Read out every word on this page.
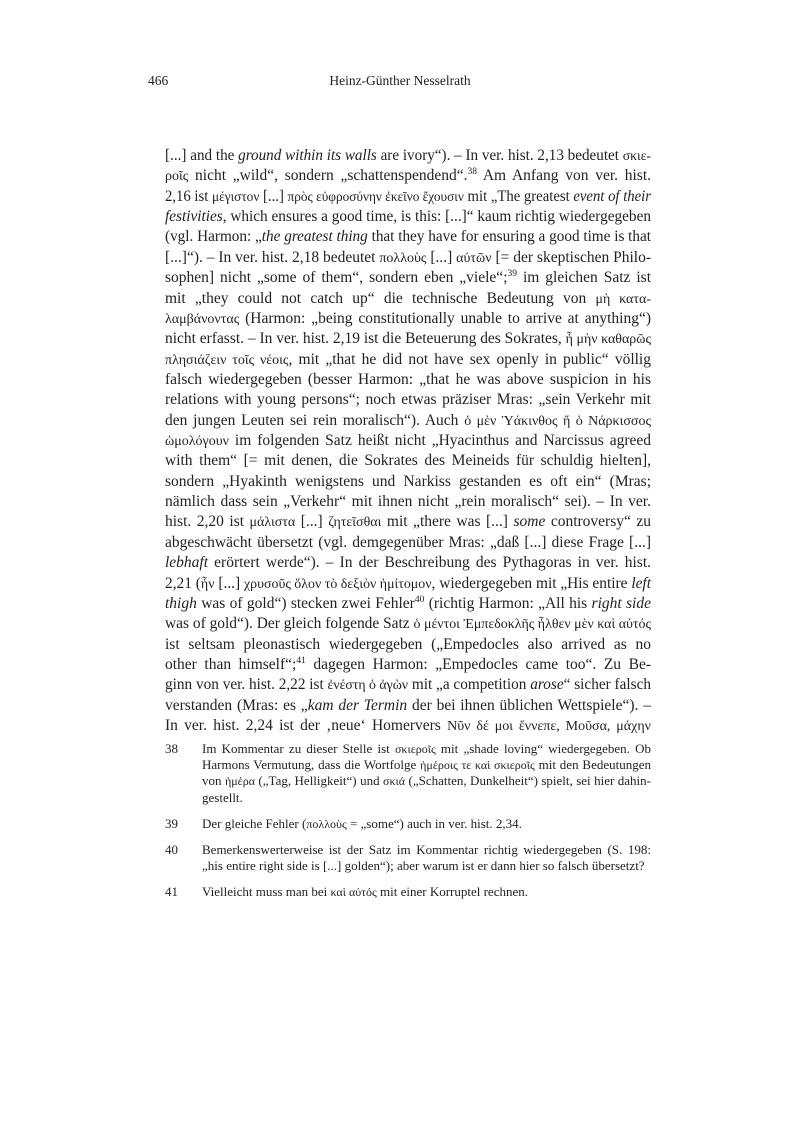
466	Heinz-Günther Nesselrath
[...] and the ground within its walls are ivory“). – In ver. hist. 2,13 bedeutet σκιε-
ροῖς nicht „wild“, sondern „schattenspendend“.$^{38}$ Am Anfang von ver. hist.
2,16 ist μέγιστον [...] πρὸς εὐφροσύνην ἐκεῖνο ἔχουσιν mit „The greatest event of their
festivities, which ensures a good time, is this: [...]“ kaum richtig wiedergegeben
(vgl. Harmon: „the greatest thing that they have for ensuring a good time is that
[...]“). – In ver. hist. 2,18 bedeutet πολλοὺς [...] αὐτῶν [= der skeptischen Philo-
sophen] nicht „some of them“, sondern eben „viele“;$^{39}$ im gleichen Satz ist
mit „they could not catch up“ die technische Bedeutung von μὴ κατα-
λαμβάνοντας (Harmon: „being constitutionally unable to arrive at anything“)
nicht erfasst. – In ver. hist. 2,19 ist die Beteuerung des Sokrates, ἦ μὴν καθαρῶς
πλησιάζειν τοῖς νέοις, mit „that he did not have sex openly in public“ völlig
falsch wiedergegeben (besser Harmon: „that he was above suspicion in his
relations with young persons“; noch etwas präziser Mras: „sein Verkehr mit
den jungen Leuten sei rein moralisch“). Auch ὁ μὲν Ὑάκινθος ἤ ὁ Νάρκισσος
ὡμολόγουν im folgenden Satz heißt nicht „Hyacinthus and Narcissus agreed
with them“ [= mit denen, die Sokrates des Meineids für schuldig hielten],
sondern „Hyakinth wenigstens und Narkiss gestanden es oft ein“ (Mras;
nämlich dass sein „Verkehr“ mit ihnen nicht „rein moralisch“ sei). – In ver.
hist. 2,20 ist μάλιστα [...] ζητεῖσθαι mit „there was [...] some controversy“ zu
abgeschwächt übersetzt (vgl. demgegenüber Mras: „daß [...] diese Frage [...]
lebhaft erörtert werde“). – In der Beschreibung des Pythagoras in ver. hist.
2,21 (ἦν [...] χρυσοῦς ὅλον τὸ δεξιὸν ἡμίτομον, wiedergegeben mit „His entire left
thigh was of gold“) stecken zwei Fehler$^{40}$ (richtig Harmon: „All his right side
was of gold“). Der gleich folgende Satz ὁ μέντοι Ἐμπεδοκλῆς ἦλθεν μὲν καὶ αὐτός
ist seltsam pleonastisch wiedergegeben („Empedocles also arrived as no
other than himself“;$^{41}$ dagegen Harmon: „Empedocles came too“. Zu Be-
ginn von ver. hist. 2,22 ist ἐνέστη ὁ ἀγὼν mit „a competition arose“ sicher falsch
verstanden (Mras: es „kam der Termin der bei ihnen üblichen Wettspiele“). –
In ver. hist. 2,24 ist der ‚neue‘ Homervers Νῦν δέ μοι ἔννεπε, Μοῦσα, μάχην
38 Im Kommentar zu dieser Stelle ist σκιεροῖς mit „shade loving“ wiedergegeben. Ob
Harmons Vermutung, dass die Wortfolge ἡμέροις τε καὶ σκιεροῖς mit den Bedeutungen
von ἡμέρα („Tag, Helligkeit“) und σκιά („Schatten, Dunkelheit“) spielt, sei hier dahin-
gestellt.
39 Der gleiche Fehler (πολλοὺς = „some“) auch in ver. hist. 2,34.
40 Bemerkenswerterweise ist der Satz im Kommentar richtig wiedergegeben (S. 198:
„his entire right side is [...] golden“); aber warum ist er dann hier so falsch übersetzt?
41 Vielleicht muss man bei καὶ αὐτός mit einer Korruptel rechnen.
